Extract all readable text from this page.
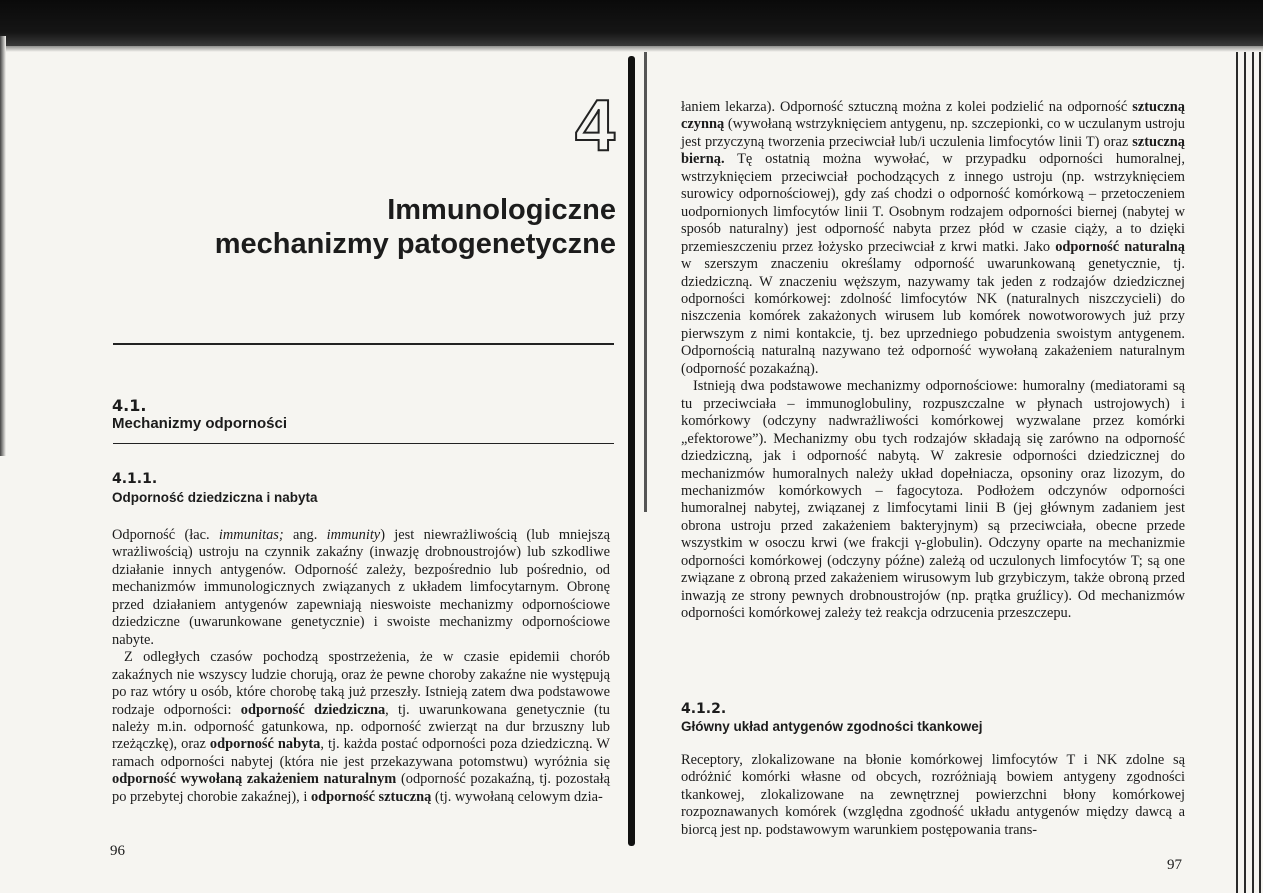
4
Immunologiczne
mechanizmy patogenetyczne
4.1.
Mechanizmy odporności
4.1.1.
Odporność dziedziczna i nabyta

Odporność (łac. immunitas; ang. immunity) jest niewrażliwością (lub mniejszą wrażliwością) ustroju na czynnik zakaźny (inwazję drobnoustrojów) lub szkodliwe działanie innych antygenów. Odporność zależy, bezpośrednio lub pośrednio, od mechanizmów immunologicznych związanych z układem limfocytarnym. Obronę przed działaniem antygenów zapewniają nieswoiste mechanizmy odpornościowe dziedziczne (uwarunkowane genetycznie) i swoiste mechanizmy odpornościowe nabyte.

Z odległych czasów pochodzą spostrzeżenia, że w czasie epidemii chorób zakaźnych nie wszyscy ludzie chorują, oraz że pewne choroby zakaźne nie występują po raz wtóry u osób, które chorobę taką już przeszły. Istnieją zatem dwa podstawowe rodzaje odporności: odporność dziedziczna, tj. uwarunkowana genetycznie (tu należy m.in. odporność gatunkowa, np. odporność zwierząt na dur brzuszny lub rzeżączkę), oraz odporność nabyta, tj. każda postać odporności poza dziedziczną. W ramach odporności nabytej (która nie jest przekazywana potomstwu) wyróżnia się odporność wywołaną zakażeniem naturalnym (odporność pozakaźną, tj. pozostałą po przebytej chorobie zakaźnej), i odporność sztuczną (tj. wywołaną celowym dzia-

96

łaniem lekarza). Odporność sztuczną można z kolei podzielić na odporność sztuczną czynną (wywołaną wstrzyknięciem antygenu, np. szczepionki, co w uczulanym ustroju jest przyczyną tworzenia przeciwciał lub/i uczulenia limfocytów linii T) oraz sztuczną bierną. Tę ostatnią można wywołać, w przypadku odporności humoralnej, wstrzyknięciem przeciwciał pochodzących z innego ustroju (np. wstrzyknięciem surowicy odpornościowej), gdy zaś chodzi o odporność komórkową – przetoczeniem uodpornionych limfocytów linii T. Osobnym rodzajem odporności biernej (nabytej w sposób naturalny) jest odporność nabyta przez płód w czasie ciąży, a to dzięki przemieszczeniu przez łożysko przeciwciał z krwi matki. Jako odporność naturalną w szerszym znaczeniu określamy odporność uwarunkowaną genetycznie, tj. dziedziczną. W znaczeniu węższym, nazywamy tak jeden z rodzajów dziedzicznej odporności komórkowej: zdolność limfocytów NK (naturalnych niszczycieli) do niszczenia komórek zakażonych wirusem lub komórek nowotworowych już przy pierwszym z nimi kontakcie, tj. bez uprzedniego pobudzenia swoistym antygenem. Odpornością naturalną nazywano też odporność wywołaną zakażeniem naturalnym (odporność pozakaźną).

Istnieją dwa podstawowe mechanizmy odpornościowe: humoralny (mediatorami są tu przeciwciała – immunoglobuliny, rozpuszczalne w płynach ustrojowych) i komórkowy (odczyny nadwrażliwości komórkowej wyzwalane przez komórki „efektorowe”). Mechanizmy obu tych rodzajów składają się zarówno na odporność dziedziczną, jak i odporność nabytą. W zakresie odporności dziedzicznej do mechanizmów humoralnych należy układ dopełniacza, opsoniny oraz lizozym, do mechanizmów komórkowych – fagocytoza. Podłożem odczynów odporności humoralnej nabytej, związanej z limfocytami linii B (jej głównym zadaniem jest obrona ustroju przed zakażeniem bakteryjnym) są przeciwciała, obecne przede wszystkim w osoczu krwi (we frakcji γ-globulin). Odczyny oparte na mechanizmie odporności komórkowej (odczyny późne) zależą od uczulonych limfocytów T; są one związane z obroną przed zakażeniem wirusowym lub grzybiczym, także obroną przed inwazją ze strony pewnych drobnoustrojów (np. prątka gruźlicy). Od mechanizmów odporności komórkowej zależy też reakcja odrzucenia przeszczepu.

4.1.2.
Główny układ antygenów zgodności tkankowej

Receptory, zlokalizowane na błonie komórkowej limfocytów T i NK zdolne są odróżnić komórki własne od obcych, rozróżniają bowiem antygeny zgodności tkankowej, zlokalizowane na zewnętrznej powierzchni błony komórkowej rozpoznawanych komórek (względna zgodność układu antygenów między dawcą a biorcą jest np. podstawowym warunkiem postępowania trans-

97
